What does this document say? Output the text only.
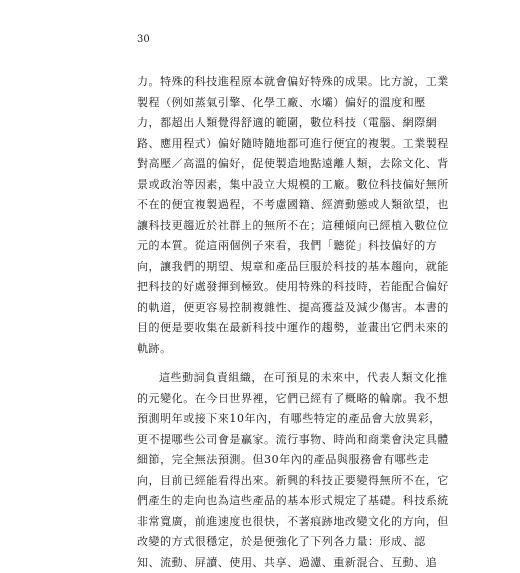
30
力。特殊的科技進程原本就會偏好特殊的成果。比方說，工業
製程（例如蒸氣引擎、化學工廠、水壩）偏好的溫度和壓
力，都超出人類覺得舒適的範圍，數位科技（電腦、網際網
路、應用程式）偏好隨時隨地都可進行便宜的複製。工業製程
對高壓／高溫的偏好，促使製造地點遠離人類，去除文化、背
景或政治等因素，集中設立大規模的工廠。數位科技偏好無所
不在的便宜複製過程，不考慮國籍、經濟動態或人類欲望，也
讓科技更趨近於社群上的無所不在；這種傾向已經植入數位位
元的本質。從這兩個例子來看，我們「聽從」科技偏好的方
向，讓我們的期望、規章和產品巨服於科技的基本趨向，就能
把科技的好處發揮到極致。使用特殊的科技時，若能配合偏好
的軌道，便更容易控制複雜性、提高獲益及減少傷害。本書的
目的便是要收集在最新科技中運作的趨勢，並畫出它們未來的
軌跡。
這些動詞負責組織，在可預見的未來中，代表人類文化推
的元變化。在今日世界裡，它們已經有了概略的輪廓。我不想
預測明年或接下來10年內，有哪些特定的產品會大放異彩，
更不提哪些公司會是贏家。流行事物、時尚和商業會決定具體
細節，完全無法預測。但30年內的產品與服務會有哪些走
向，目前已經能看得出來。新興的科技正要變得無所不在，它
們產生的走向也為這些產品的基本形式規定了基礎。科技系統
非常寬廣，前進速度也很快，不著痕跡地改變文化的方向，但
改變的方式很穩定，於是便強化了下列各力量：形成、認
知、流動、屏讀、使用、共享、過濾、重新混合、互動、追
